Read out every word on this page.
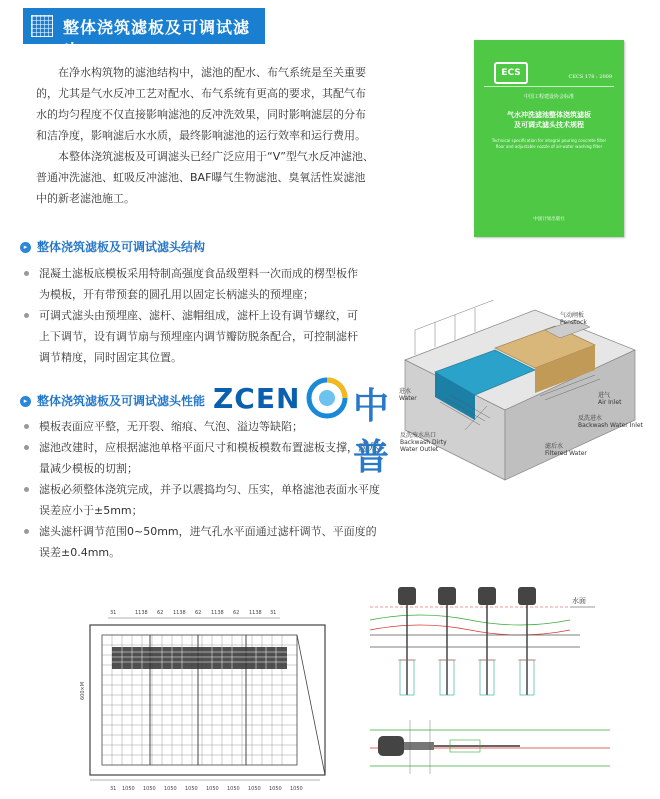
整体浇筑滤板及可调试滤头

在净水构筑物的滤池结构中，滤池的配水、布气系统是至关重要的，尤其是气水反冲工艺对配水、布气系统有更高的要求，其配气布水的均匀程度不仅直接影响滤池的反冲洗效果，同时影响滤层的分布和洁净度，影响滤后水水质，最终影响滤池的运行效率和运行费用。

本整体浇筑滤板及可调滤头已经广泛应用于“V”型气水反冲滤池、普通冲洗滤池、虹吸反冲滤池、BAF曝气生物滤池、臭氧活性炭滤池中的新老滤池施工。

ECS	CECS 178 : 2009
中国工程建设协会标准
气水冲洗滤池整体浇筑滤板
及可调式滤头技术规程
Technical specification for integral pouring concrete filter floor and adjustable nozzle of air-water washing filter
中国计划出版社
▸ 整体浇筑滤板及可调试滤头结构
混凝土滤板底模板采用特制高强度食品级塑料一次而成的楞型板作为模板，开有带预套的圆孔用以固定长柄滤头的预埋座；
可调式滤头由预埋座、滤杆、滤帽组成，滤杆上设有调节螺纹，可上下调节，设有调节扇与预埋座内调节瓣防脱条配合，可控制滤杆调节精度，同时固定其位置。
▸ 整体浇筑滤板及可调试滤头性能
模板表面应平整，无开裂、缩痕、气泡、溢边等缺陷；
滤池改建时，应根据滤池单格平面尺寸和模板模数布置滤板支撑，应尽量减少模板的切割；
滤板必须整体浇筑完成，并予以震捣均匀、压实，单格滤池表面水平度误差应小于±5mm；
滤头滤杆调节范围0~50mm，进气孔水平面通过滤杆调节、平面度的误差±0.4mm。
气动闸板
Penstock
进气
Air Inlet
反洗进水
Backwash Water Inlet
滤后水
Filtered Water
反洗废水出口
Backwash Dirty
Water Outlet
进水
Water
ZCEN 中普
31	1138 62 1138 62 1138 62 1138 31
31 1050 1050 1050 1050 1050 1050 1050 1050 1050
600×M
水面
